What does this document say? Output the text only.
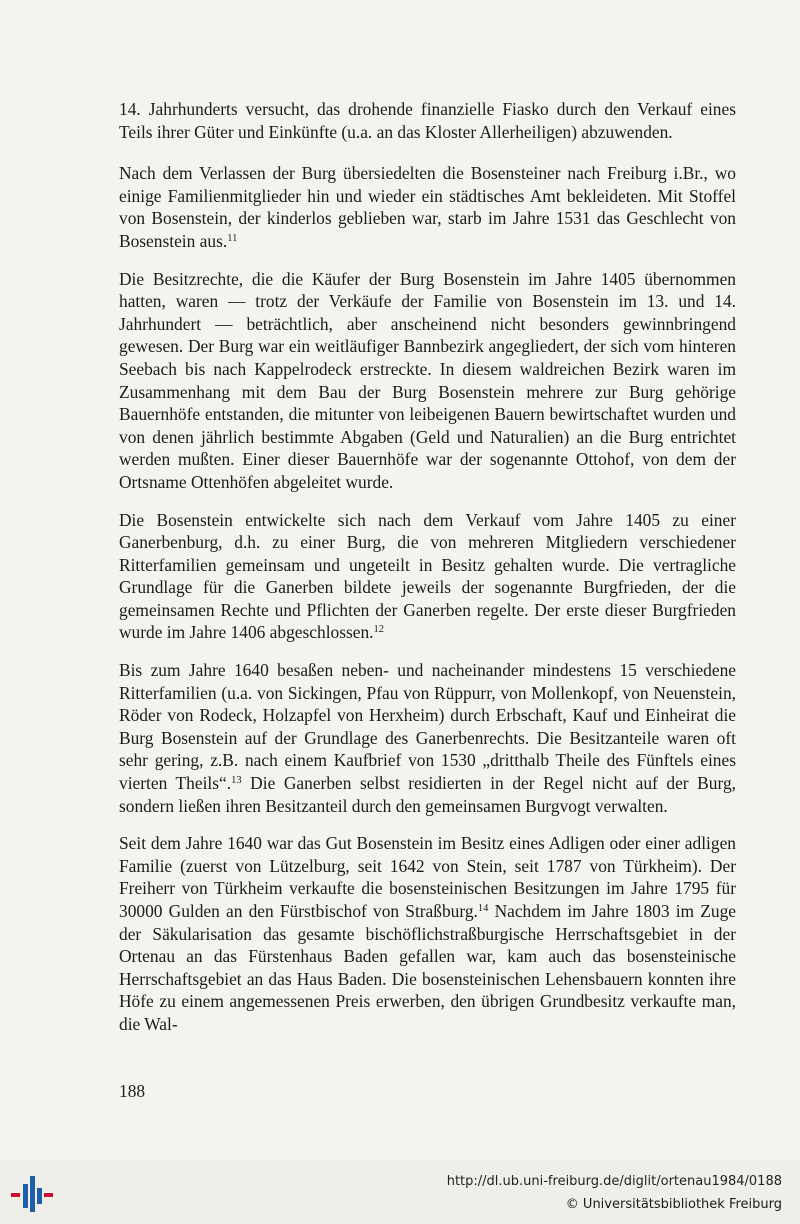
14. Jahrhunderts versucht, das drohende finanzielle Fiasko durch den Verkauf eines Teils ihrer Güter und Einkünfte (u.a. an das Kloster Allerheiligen) abzuwenden.

Nach dem Verlassen der Burg übersiedelten die Bosensteiner nach Freiburg i.Br., wo einige Familienmitglieder hin und wieder ein städtisches Amt bekleideten. Mit Stoffel von Bosenstein, der kinderlos geblieben war, starb im Jahre 1531 das Geschlecht von Bosenstein aus.$^{11}$

Die Besitzrechte, die die Käufer der Burg Bosenstein im Jahre 1405 übernommen hatten, waren — trotz der Verkäufe der Familie von Bosenstein im 13. und 14. Jahrhundert — beträchtlich, aber anscheinend nicht besonders gewinnbringend gewesen. Der Burg war ein weitläufiger Bannbezirk angegliedert, der sich vom hinteren Seebach bis nach Kappelrodeck erstreckte. In diesem waldreichen Bezirk waren im Zusammenhang mit dem Bau der Burg Bosenstein mehrere zur Burg gehörige Bauernhöfe entstanden, die mitunter von leibeigenen Bauern bewirtschaftet wurden und von denen jährlich bestimmte Abgaben (Geld und Naturalien) an die Burg entrichtet werden mußten. Einer dieser Bauernhöfe war der sogenannte Ottohof, von dem der Ortsname Ottenhöfen abgeleitet wurde.

Die Bosenstein entwickelte sich nach dem Verkauf vom Jahre 1405 zu einer Ganerbenburg, d.h. zu einer Burg, die von mehreren Mitgliedern verschiedener Ritterfamilien gemeinsam und ungeteilt in Besitz gehalten wurde. Die vertragliche Grundlage für die Ganerben bildete jeweils der sogenannte Burgfrieden, der die gemeinsamen Rechte und Pflichten der Ganerben regelte. Der erste dieser Burgfrieden wurde im Jahre 1406 abgeschlossen.$^{12}$

Bis zum Jahre 1640 besaßen neben- und nacheinander mindestens 15 verschiedene Ritterfamilien (u.a. von Sickingen, Pfau von Rüppurr, von Mollenkopf, von Neuenstein, Röder von Rodeck, Holzapfel von Herxheim) durch Erbschaft, Kauf und Einheirat die Burg Bosenstein auf der Grundlage des Ganerbenrechts. Die Besitzanteile waren oft sehr gering, z.B. nach einem Kaufbrief von 1530 „dritthalb Theile des Fünftels eines vierten Theils“.$^{13}$ Die Ganerben selbst residierten in der Regel nicht auf der Burg, sondern ließen ihren Besitzanteil durch den gemeinsamen Burgvogt verwalten.

Seit dem Jahre 1640 war das Gut Bosenstein im Besitz eines Adligen oder einer adligen Familie (zuerst von Lützelburg, seit 1642 von Stein, seit 1787 von Türkheim). Der Freiherr von Türkheim verkaufte die bosensteinischen Besitzungen im Jahre 1795 für 30000 Gulden an den Fürstbischof von Straßburg.$^{14}$ Nachdem im Jahre 1803 im Zuge der Säkularisation das gesamte bischöflichstraßburgische Herrschaftsgebiet in der Ortenau an das Fürstenhaus Baden gefallen war, kam auch das bosensteinische Herrschaftsgebiet an das Haus Baden. Die bosensteinischen Lehensbauern konnten ihre Höfe zu einem angemessenen Preis erwerben, den übrigen Grundbesitz verkaufte man, die Wal-

188
http://dl.ub.uni-freiburg.de/diglit/ortenau1984/0188
© Universitätsbibliothek Freiburg
